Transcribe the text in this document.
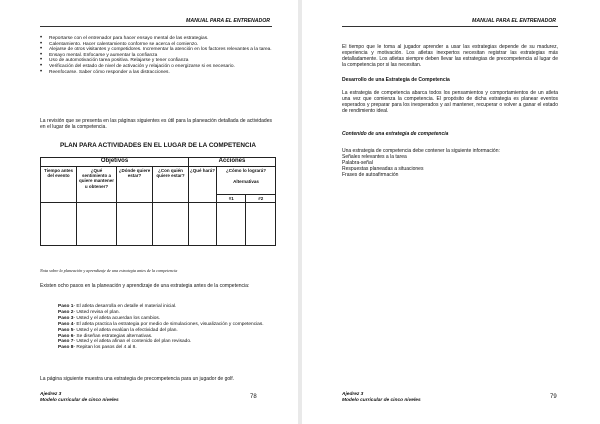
MANUAL PARA EL ENTRENADOR
• Reportarse con el entrenador para hacer ensayo mental de las estrategias.
• Calentamiento. Hacer calentamiento conforme se acerca el comienzo.
• Alejarse de otros visitantes y competidores. Incrementar la atención en los factores relevantes a la tarea.
• Ensayo mental. Enfocarse y aumentar la confianza
• Uso de automotivación tarea positiva. Relajarse y tener confianza
• Verificación del estado de nivel de activación y relajación o energizarse si es necesario.
• Reenfocarse. Saber cómo responder a las distracciones.
La revisión que se presenta en las páginas siguientes es útil para la planeación detallada de actividades en el lugar de la competencia.
PLAN PARA ACTIVIDADES EN EL LUGAR DE LA COMPETENCIA
Objetivos				Acciones		
Tiempo antes del evento	¿Qué sentimiento a quiere mantener u obtener?	¿Dónde quiere estar?	¿Con quién quiere estar?	¿Qué hará?	¿Cómo lo logrará?
Alternativas	

					#1	#2

Nota sobre la planeación y aprendizaje de una estrategia antes de la competencia
Existen ocho pasos en la planeación y aprendizaje de una estrategia antes de la competencia:
Paso 1- El atleta desarrolla en detalle el material inicial.
Paso 2- Usted revisa el plan.
Paso 3- Usted y el atleta acuerdan los cambios.
Paso 4- El atleta practica la estrategia por medio de simulaciones, visualización y competencias.
Paso 5- Usted y el atleta evalúan la efectividad del plan.
Paso 6- Se diseñan estrategias alternativas.
Paso 7- Usted y el atleta afinan el contenido del plan revisado.
Paso 8- Repitan los pasos del 4 al 8.
La página siguiente muestra una estrategia de precompetencia para un jugador de golf.
Ajedrez 3
Modelo curricular de cinco niveles
78
MANUAL PARA EL ENTRENADOR
El tiempo que le toma al jugador aprender a usar las estrategias depende de su madurez, experiencia y motivación. Los atletas inexpertos necesitan registrar las estrategias más detalladamente. Los atletas siempre deben llevar las estrategias de precompetencia al lugar de la competencia por si las necesitan.
Desarrollo de una Estrategia de Competencia
La estrategia de competencia abarca todos los pensamientos y comportamientos de un atleta una vez que comienza la competencia. El propósito de dicha estrategia es planear eventos esperados y preparar para los inesperados y así mantener, recuperar o volver a ganar el estado de rendimiento ideal.
Contenido de una estrategia de competencia
Una estrategia de competencia debe contener la siguiente información:
Señales relevantes a la tarea
Palabra-señal
Respuestas planeadas a situaciones
Frases de autoafirmación
Ajedrez 3
Modelo curricular de cinco niveles
79
